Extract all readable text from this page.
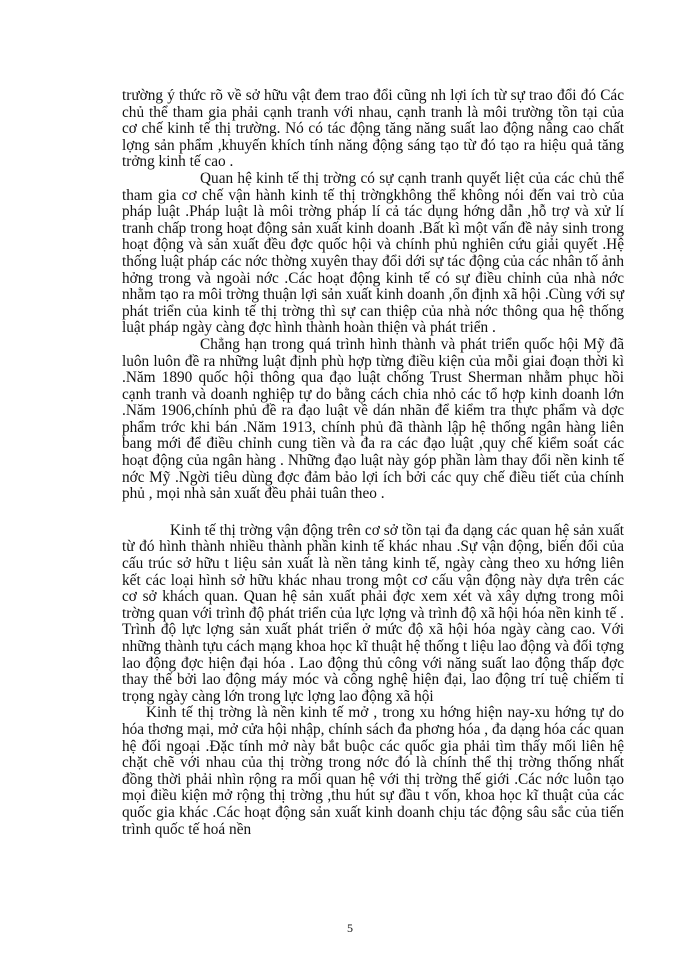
trường ý thức rõ về sở hữu vật đem trao đổi cũng nh lợi ích từ sự trao đổi đó Các chủ thể tham gia phải cạnh tranh với nhau, cạnh tranh là môi trường tồn tại của cơ chế kinh tế thị trường. Nó có tác động tăng năng suất lao động nâng cao chất lợng sản phẩm ,khuyến khích tính năng động sáng tạo từ đó tạo ra hiệu quả tăng trởng kinh tế cao .

Quan hệ kinh tế thị trờng có sự cạnh tranh quyết liệt của các chủ thể tham gia cơ chế vận hành kinh tế thị trờngkhông thể không nói đến vai trò của pháp luật .Pháp luật là môi trờng pháp lí cả tác dụng hớng dẫn ,hỗ trợ và xử lí tranh chấp trong hoạt động sản xuất kinh doanh .Bất kì một vấn đề nảy sinh trong hoạt động và sản xuất đều đợc quốc hội và chính phủ nghiên cứu giải quyết .Hệ thống luật pháp các nớc thờng xuyên thay đổi dới sự tác động của các nhân tố ảnh hởng trong và ngoài nớc .Các hoạt động kinh tế có sự điều chỉnh của nhà nớc nhằm tạo ra môi trờng thuận lợi sản xuất kinh doanh ,ổn định xã hội .Cùng với sự phát triển của kinh tế thị trờng thì sự can thiệp của nhà nớc thông qua hệ thống luật pháp ngày càng đợc hình thành hoàn thiện và phát triển .

Chẳng hạn trong quá trình hình thành và phát triển quốc hội Mỹ đã luôn luôn đề ra những luật định phù hợp từng điều kiện của mỗi giai đoạn thời kì .Năm 1890 quốc hội thông qua đạo luật chống Trust Sherman nhằm phục hồi cạnh tranh và doanh nghiệp tự do bằng cách chia nhỏ các tổ hợp kinh doanh lớn .Năm 1906,chính phủ đề ra đạo luật về dán nhãn để kiểm tra thực phẩm và dợc phẩm trớc khi bán .Năm 1913, chính phủ đã thành lập hệ thống ngân hàng liên bang mới để điều chỉnh cung tiền và đa ra các đạo luật ,quy chế kiểm soát các hoạt động của ngân hàng . Những đạo luật này góp phần làm thay đổi nền kinh tế nớc Mỹ .Ngời tiêu dùng đợc đảm bảo lợi ích bởi các quy chế điều tiết của chính phủ , mọi nhà sản xuất đều phải tuân theo .

Kinh tế thị trờng vận động trên cơ sở tồn tại đa dạng các quan hệ sản xuất từ đó hình thành nhiều thành phần kinh tế khác nhau .Sự vận động, biến đổi của cấu trúc sở hữu t liệu sản xuất là nền tảng kinh tế, ngày càng theo xu hớng liên kết các loại hình sở hữu khác nhau trong một cơ cấu vận động này dựa trên các cơ sở khách quan. Quan hệ sản xuất phải đợc xem xét và xây dựng trong môi trờng quan với trình độ phát triển của lực lợng và trình độ xã hội hóa nền kinh tế . Trình độ lực lợng sản xuất phát triển ở mức độ xã hội hóa ngày càng cao. Với những thành tựu cách mạng khoa học kĩ thuật hệ thống t liệu lao động và đối tợng lao động đợc hiện đại hóa . Lao động thủ công với năng suất lao động thấp đợc thay thế bởi lao động máy móc và công nghệ hiện đại, lao động trí tuệ chiếm tỉ trọng ngày càng lớn trong lực lợng lao động xã hội

Kinh tế thị trờng là nền kinh tế mở , trong xu hớng hiện nay-xu hớng tự do hóa thơng mại, mở cửa hội nhập, chính sách đa phơng hóa , đa dạng hóa các quan hệ đối ngoại .Đặc tính mở này bắt buộc các quốc gia phải tìm thấy mối liên hệ chặt chẽ với nhau của thị trờng trong nớc đó là chính thể thị trờng thống nhất đồng thời phải nhìn rộng ra mối quan hệ với thị trờng thế giới .Các nớc luôn tạo mọi điều kiện mở rộng thị trờng ,thu hút sự đầu t vốn, khoa học kĩ thuật của các quốc gia khác .Các hoạt động sản xuất kinh doanh chịu tác động sâu sắc của tiến trình quốc tế hoá nền

5
